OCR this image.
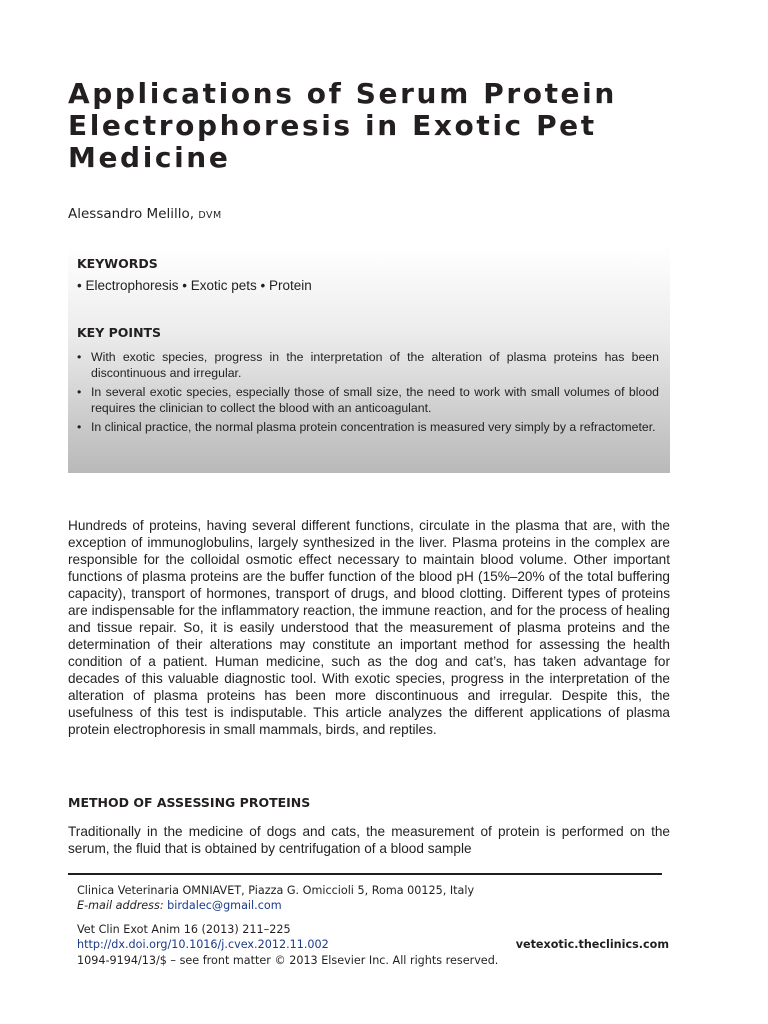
Applications of Serum Protein Electrophoresis in Exotic Pet Medicine

Alessandro Melillo, DVM

KEYWORDS

• Electrophoresis • Exotic pets • Protein

KEY POINTS
• With exotic species, progress in the interpretation of the alteration of plasma proteins has been discontinuous and irregular.
• In several exotic species, especially those of small size, the need to work with small volumes of blood requires the clinician to collect the blood with an anticoagulant.
• In clinical practice, the normal plasma protein concentration is measured very simply by a refractometer.

Hundreds of proteins, having several different functions, circulate in the plasma that are, with the exception of immunoglobulins, largely synthesized in the liver. Plasma proteins in the complex are responsible for the colloidal osmotic effect necessary to maintain blood volume. Other important functions of plasma proteins are the buffer function of the blood pH (15%–20% of the total buffering capacity), transport of hormones, transport of drugs, and blood clotting. Different types of proteins are indispensable for the inflammatory reaction, the immune reaction, and for the process of healing and tissue repair. So, it is easily understood that the measurement of plasma proteins and the determination of their alterations may constitute an important method for assessing the health condition of a patient. Human medicine, such as the dog and cat’s, has taken advantage for decades of this valuable diagnostic tool. With exotic species, progress in the interpretation of the alteration of plasma proteins has been more discontinuous and irregular. Despite this, the usefulness of this test is indisputable. This article analyzes the different applications of plasma protein electrophoresis in small mammals, birds, and reptiles.

METHOD OF ASSESSING PROTEINS

Traditionally in the medicine of dogs and cats, the measurement of protein is performed on the serum, the fluid that is obtained by centrifugation of a blood sample

Clinica Veterinaria OMNIAVET, Piazza G. Omiccioli 5, Roma 00125, Italy

E-mail address: birdalec@gmail.com

Vet Clin Exot Anim 16 (2013) 211–225

http://dx.doi.org/10.1016/j.cvex.2012.11.002	vetexotic.theclinics.com

1094-9194/13/$ – see front matter © 2013 Elsevier Inc. All rights reserved.
